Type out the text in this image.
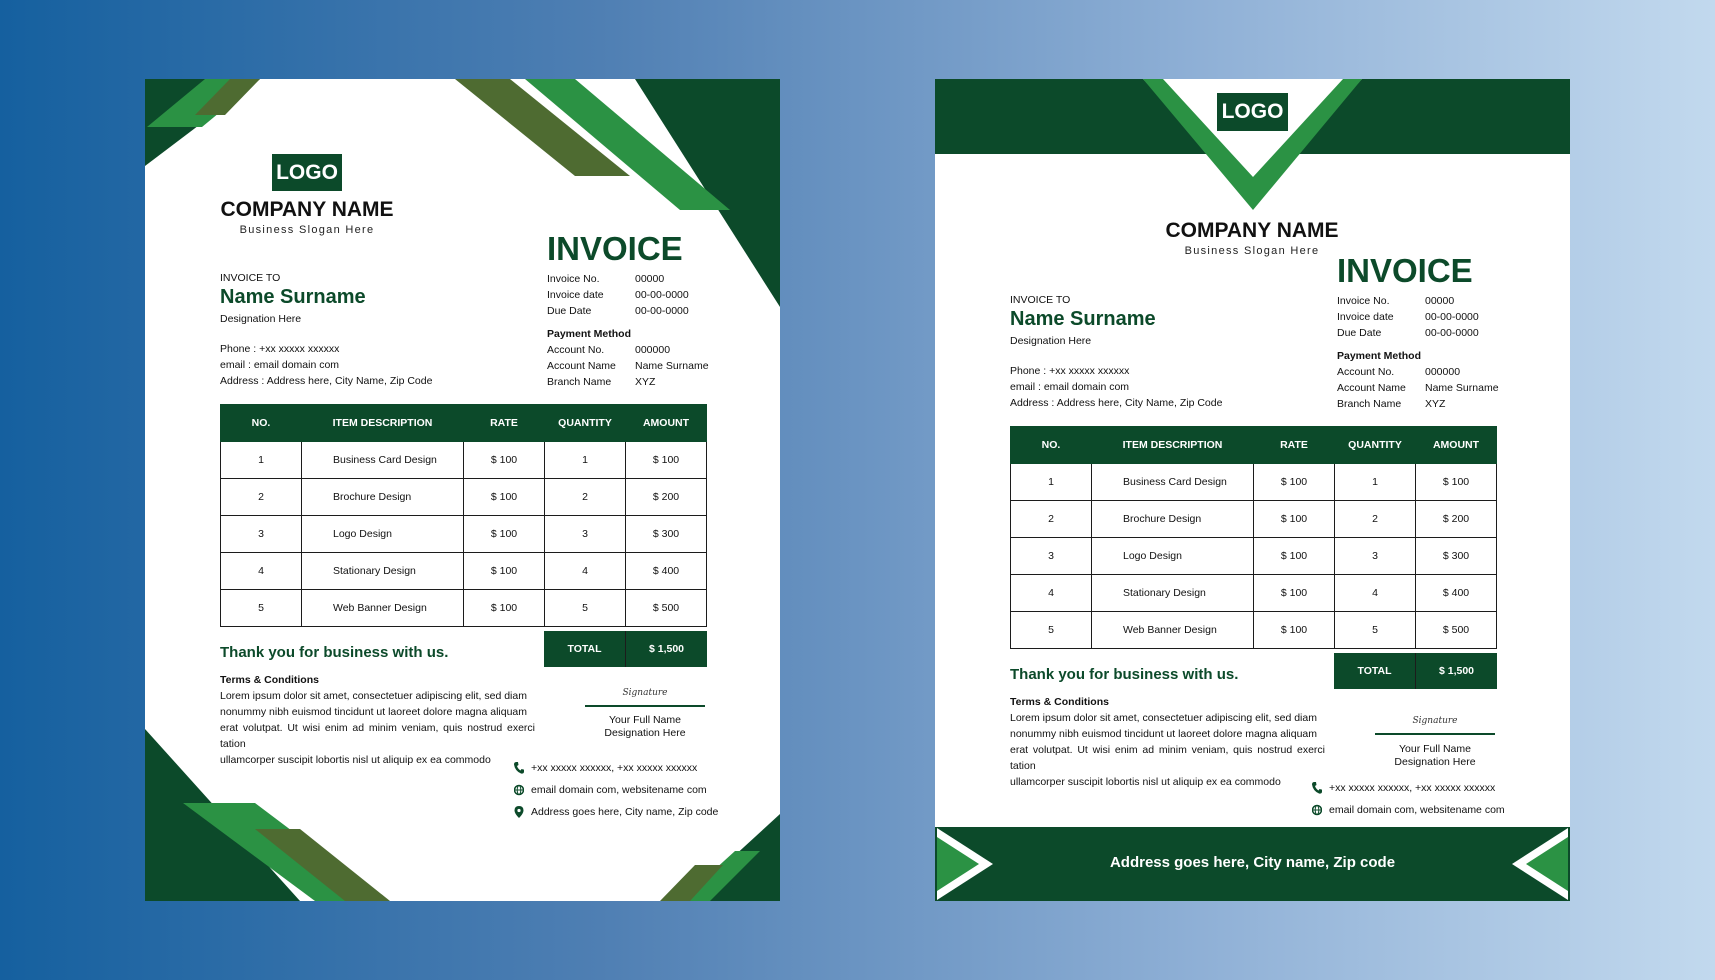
LOGO
COMPANY NAME
Business Slogan Here	INVOICE
Invoice No.	00000
Invoice date	00-00-0000
Due Date	00-00-0000
Payment Method
Account No.	000000
Account Name	Name Surname
Branch Name	XYZ
INVOICE TO
Name Surname
Designation Here
Phone : +xx xxxxx xxxxxx
email : email domain com
Address : Address here, City Name, Zip Code
NO.	ITEM DESCRIPTION	RATE	QUANTITY	AMOUNT
1	Business Card Design	$ 100	1	$ 100
2	Brochure Design	$ 100	2	$ 200
3	Logo Design	$ 100	3	$ 300
4	Stationary Design	$ 100	4	$ 400
5	Web Banner Design	$ 100	5	$ 500
TOTAL	$ 1,500
Thank you for business with us.
Terms & Conditions
Lorem ipsum dolor sit amet, consectetuer adipiscing elit, sed diam
nonummy nibh euismod tincidunt ut laoreet dolore magna aliquam
erat volutpat. Ut wisi enim ad minim veniam, quis nostrud exerci tation
ullamcorper suscipit lobortis nisl ut aliquip ex ea commodo
Signature
Your Full Name
Designation Here
+xx xxxxx xxxxxx, +xx xxxxx xxxxxx
email domain com, websitename com
Address goes here, City name, Zip code
LOGO
COMPANY NAME
Business Slogan Here
INVOICE
Invoice No.	00000
Invoice date	00-00-0000
Due Date	00-00-0000
Payment Method
Account No.	000000
Account Name	Name Surname
Branch Name	XYZ
INVOICE TO
Name Surname
Designation Here
Phone : +xx xxxxx xxxxxx
email : email domain com
Address : Address here, City Name, Zip Code
NO.	ITEM DESCRIPTION	RATE	QUANTITY	AMOUNT
1	Business Card Design	$ 100	1	$ 100
2	Brochure Design	$ 100	2	$ 200
3	Logo Design	$ 100	3	$ 300
4	Stationary Design	$ 100	4	$ 400
5	Web Banner Design	$ 100	5	$ 500
TOTAL	$ 1,500
Thank you for business with us.
Terms & Conditions
Lorem ipsum dolor sit amet, consectetuer adipiscing elit, sed diam
nonummy nibh euismod tincidunt ut laoreet dolore magna aliquam
erat volutpat. Ut wisi enim ad minim veniam, quis nostrud exerci tation
ullamcorper suscipit lobortis nisl ut aliquip ex ea commodo
Signature
Your Full Name
Designation Here
+xx xxxxx xxxxxx, +xx xxxxx xxxxxx
email domain com, websitename com
Address goes here, City name, Zip code
